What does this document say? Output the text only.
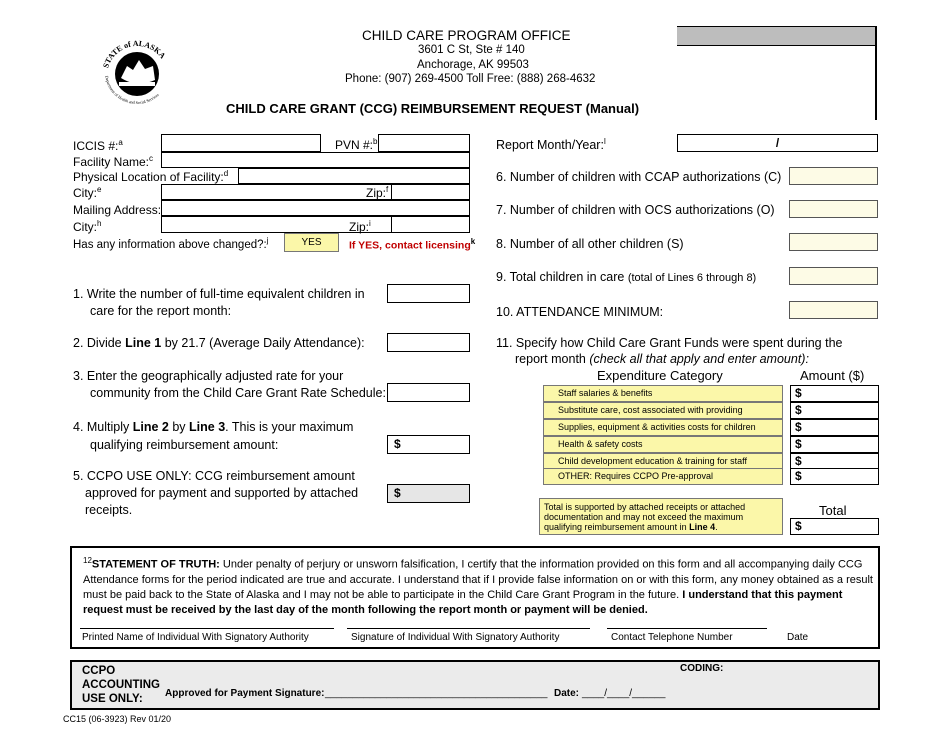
STATE of ALASKA
Department of Health and Social Services
CHILD CARE PROGRAM OFFICE
3601 C St, Ste # 140
Anchorage, AK 99503
Phone: (907) 269-4500 Toll Free: (888) 268-4632
CHILD CARE GRANT (CCG) REIMBURSEMENT REQUEST (Manual)
ICCIS #:$^a$	PVN #:$^b$
Facility Name:$^c$
Physical Location of Facility:$^d$
City:$^e$	Zip:$^f$
Mailing Address:
City:$^h$	Zip:$^i$
Has any information above changed?:$^j$	YES	If YES, contact licensing$^k$
1. Write the number of full-time equivalent children in
care for the report month:
2. Divide Line 1 by 21.7 (Average Daily Attendance):
3. Enter the geographically adjusted rate for your
community from the Child Care Grant Rate Schedule:
4. Multiply Line 2 by Line 3. This is your maximum
qualifying reimbursement amount:	$
5. CCPO USE ONLY: CCG reimbursement amount
approved for payment and supported by attached
receipts.
$
Report Month/Year:$^l$	/
6. Number of children with CCAP authorizations (C)
7. Number of children with OCS authorizations (O)
8. Number of all other children (S)
9. Total children in care (total of Lines 6 through 8)
10. ATTENDANCE MINIMUM:
11. Specify how Child Care Grant Funds were spent during the
report month (check all that apply and enter amount):
Expenditure Category	Amount ($)
Staff salaries & benefits	$
Substitute care, cost associated with providing	$
Supplies, equipment & activities costs for children	$
Health & safety costs	$
Child development education & training for staff	$
OTHER: Requires CCPO Pre-approval	$
Total is supported by attached receipts or attached documentation and may not exceed the maximum qualifying reimbursement amount in Line 4.
Total
$
$^{12}$STATEMENT OF TRUTH: Under penalty of perjury or unsworn falsification, I certify that the information provided on this form and all accompanying daily CCG Attendance forms for the period indicated are true and accurate. I understand that if I provide false information on or with this form, any money obtained as a result must be paid back to the State of Alaska and I may not be able to participate in the Child Care Grant Program in the future. I understand that this payment request must be received by the last day of the month following the report month or payment will be denied.
Printed Name of Individual With Signatory Authority	Signature of Individual With Signatory Authority	Contact Telephone Number	Date
CCPO
ACCOUNTING
USE ONLY: Approved for Payment Signature: ________________________________________ Date: ____/____/______
CODING:
CC15 (06-3923) Rev 01/20
